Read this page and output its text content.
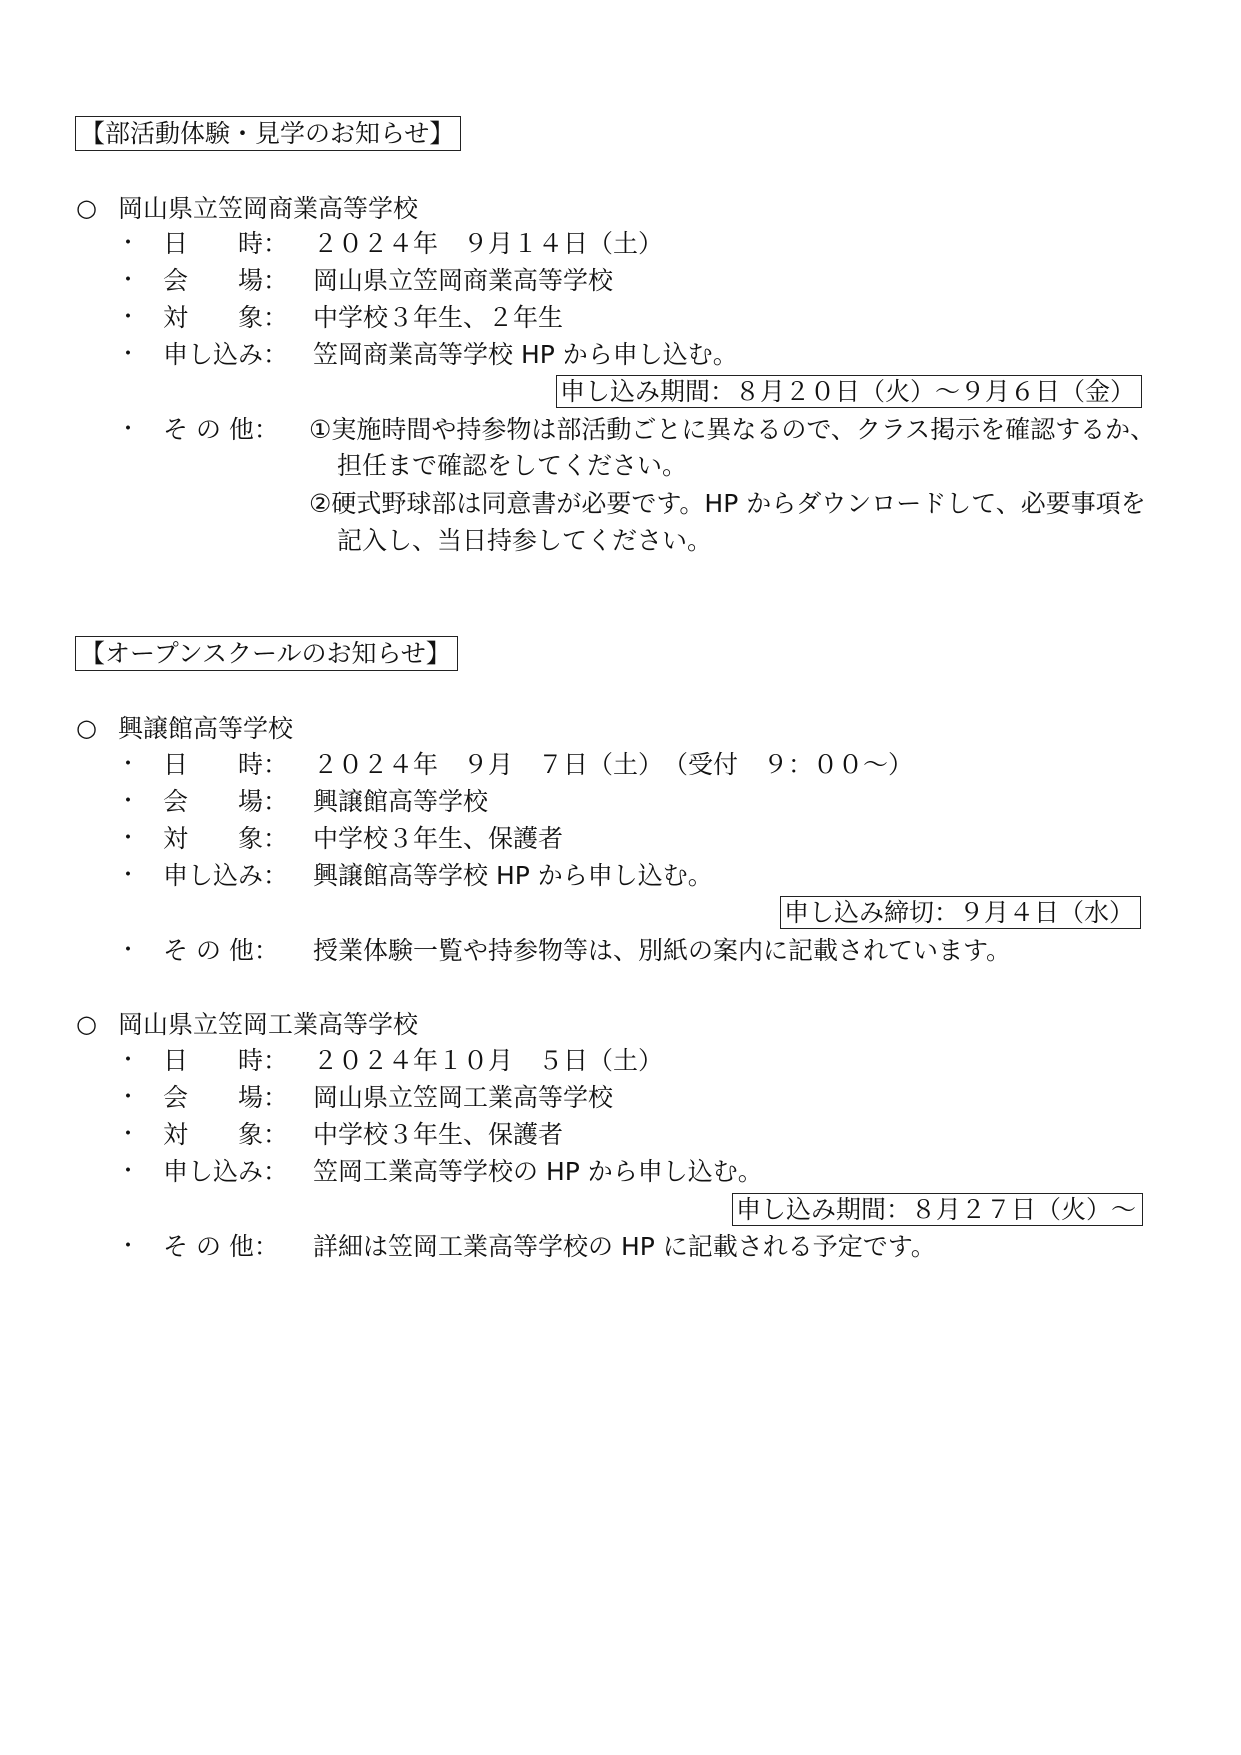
【部活動体験・見学のお知らせ】
○ 岡山県立笠岡商業高等学校
・ 日　　時： ２０２４年　９月１４日（土）
・ 会　　場： 岡山県立笠岡商業高等学校
・ 対　　象： 中学校３年生、２年生
・ 申し込み： 笠岡商業高等学校 HP から申し込む。
申し込み期間：８月２０日（火）～９月６日（金）
・ そ の 他： ①実施時間や持参物は部活動ごとに異なるので、クラス掲示を確認するか、
担任まで確認をしてください。
②硬式野球部は同意書が必要です。HP からダウンロードして、必要事項を
記入し、当日持参してください。
【オープンスクールのお知らせ】
○ 興譲館高等学校
・ 日　　時： ２０２４年　９月　７日（土）　（受付　９：００～）
・ 会　　場： 興譲館高等学校
・ 対　　象： 中学校３年生、保護者
・ 申し込み： 興譲館高等学校 HP から申し込む。
申し込み締切：９月４日（水）
・ そ の 他： 授業体験一覧や持参物等は、別紙の案内に記載されています。
○ 岡山県立笠岡工業高等学校
・ 日　　時： ２０２４年１０月　５日（土）
・ 会　　場： 岡山県立笠岡工業高等学校
・ 対　　象： 中学校３年生、保護者
・ 申し込み： 笠岡工業高等学校の HP から申し込む。
申し込み期間：８月２７日（火）～
・ そ の 他： 詳細は笠岡工業高等学校の HP に記載される予定です。
